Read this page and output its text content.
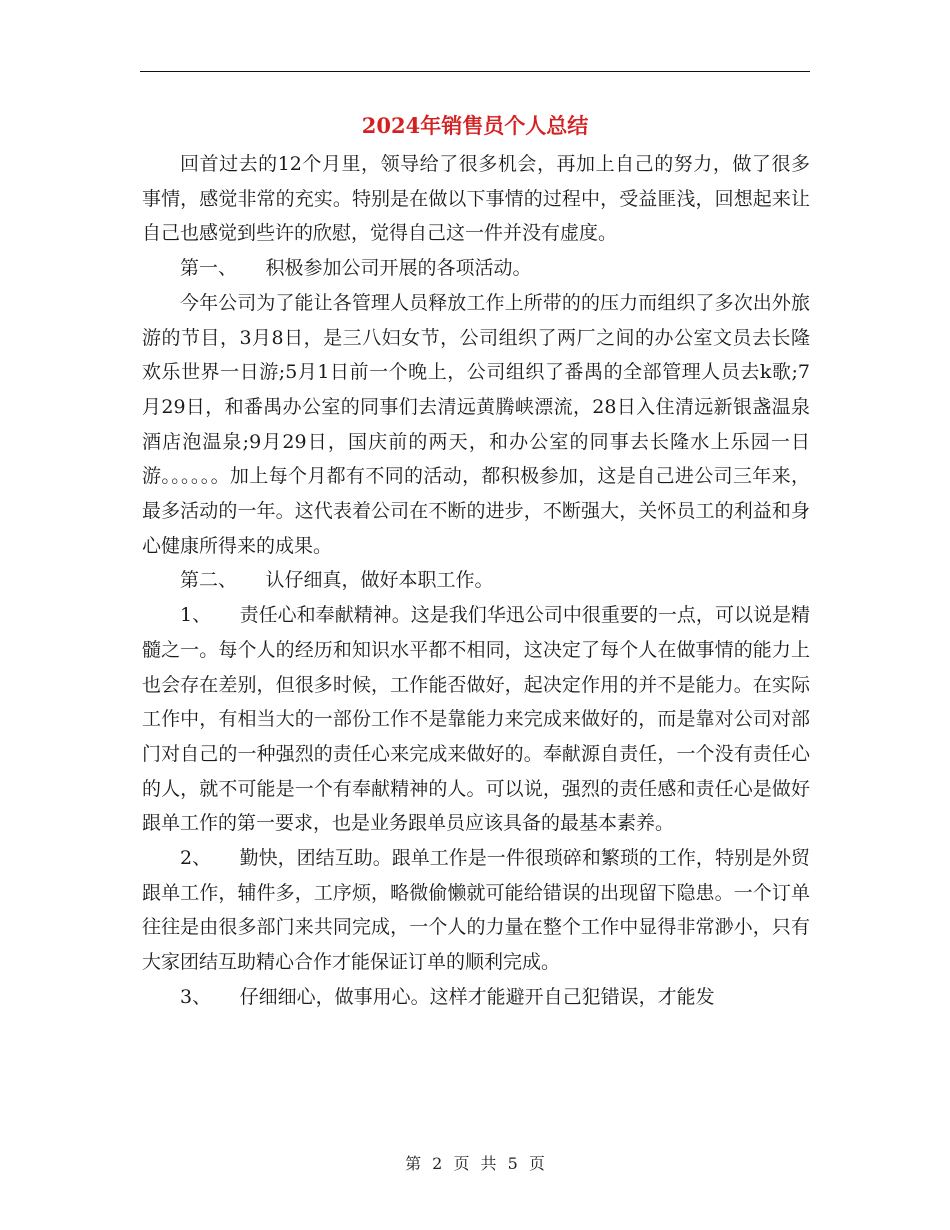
2024年销售员个人总结

回首过去的12个月里，领导给了很多机会，再加上自己的努力，做了很多事情，感觉非常的充实。特别是在做以下事情的过程中，受益匪浅，回想起来让自己也感觉到些许的欣慰，觉得自己这一件并没有虚度。

第一、　　积极参加公司开展的各项活动。

今年公司为了能让各管理人员释放工作上所带的的压力而组织了多次出外旅游的节目，3月8日，是三八妇女节，公司组织了两厂之间的办公室文员去长隆欢乐世界一日游;5月1日前一个晚上，公司组织了番禺的全部管理人员去k歌;7月29日，和番禺办公室的同事们去清远黄腾峡漂流，28日入住清远新银盏温泉酒店泡温泉;9月29日，国庆前的两天，和办公室的同事去长隆水上乐园一日游。。。。。。加上每个月都有不同的活动，都积极参加，这是自己进公司三年来，最多活动的一年。这代表着公司在不断的进步，不断强大，关怀员工的利益和身心健康所得来的成果。

第二、　　认仔细真，做好本职工作。

1、　　责任心和奉献精神。这是我们华迅公司中很重要的一点，可以说是精髓之一。每个人的经历和知识水平都不相同，这决定了每个人在做事情的能力上也会存在差别，但很多时候，工作能否做好，起决定作用的并不是能力。在实际工作中，有相当大的一部份工作不是靠能力来完成来做好的，而是靠对公司对部门对自己的一种强烈的责任心来完成来做好的。奉献源自责任，一个没有责任心的人，就不可能是一个有奉献精神的人。可以说，强烈的责任感和责任心是做好跟单工作的第一要求，也是业务跟单员应该具备的最基本素养。

2、　　勤快，团结互助。跟单工作是一件很琐碎和繁琐的工作，特别是外贸跟单工作，辅件多，工序烦，略微偷懒就可能给错误的出现留下隐患。一个订单往往是由很多部门来共同完成，一个人的力量在整个工作中显得非常渺小，只有大家团结互助精心合作才能保证订单的顺利完成。

3、　　仔细细心，做事用心。这样才能避开自己犯错误，才能发

第 2 页 共 5 页
